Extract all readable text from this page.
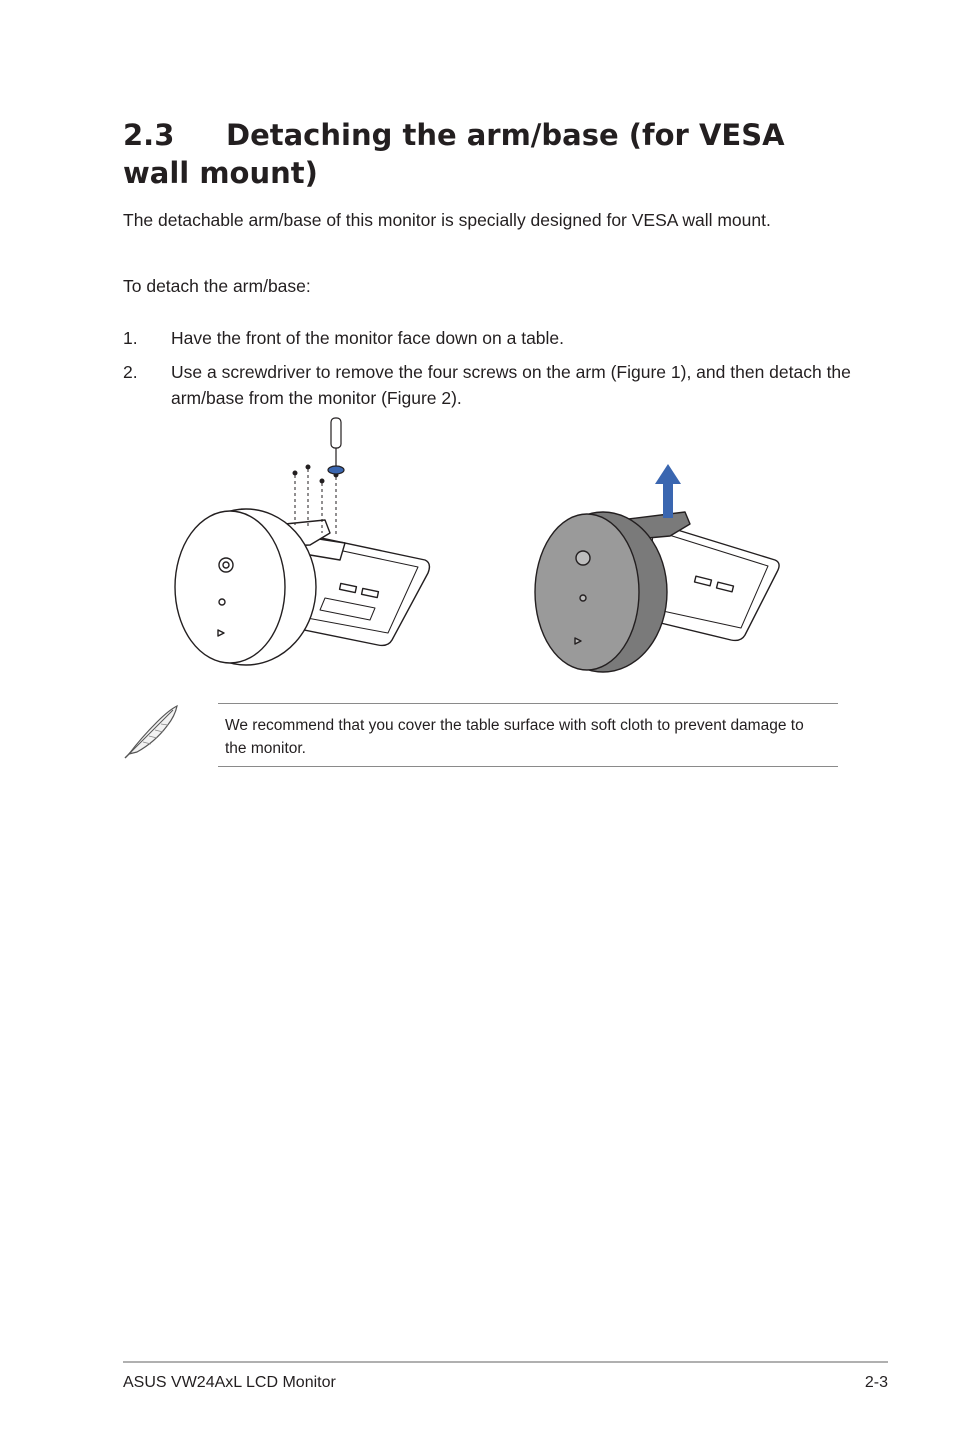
2.3 Detaching the arm/base (for VESA wall mount)

The detachable arm/base of this monitor is specially designed for VESA wall mount.

To detach the arm/base:

1. Have the front of the monitor face down on a table.
2. Use a screwdriver to remove the four screws on the arm (Figure 1), and then detach the arm/base from the monitor (Figure 2).
We recommend that you cover the table surface with soft cloth to prevent damage to the monitor.
ASUS VW24AxL LCD Monitor	2-3
